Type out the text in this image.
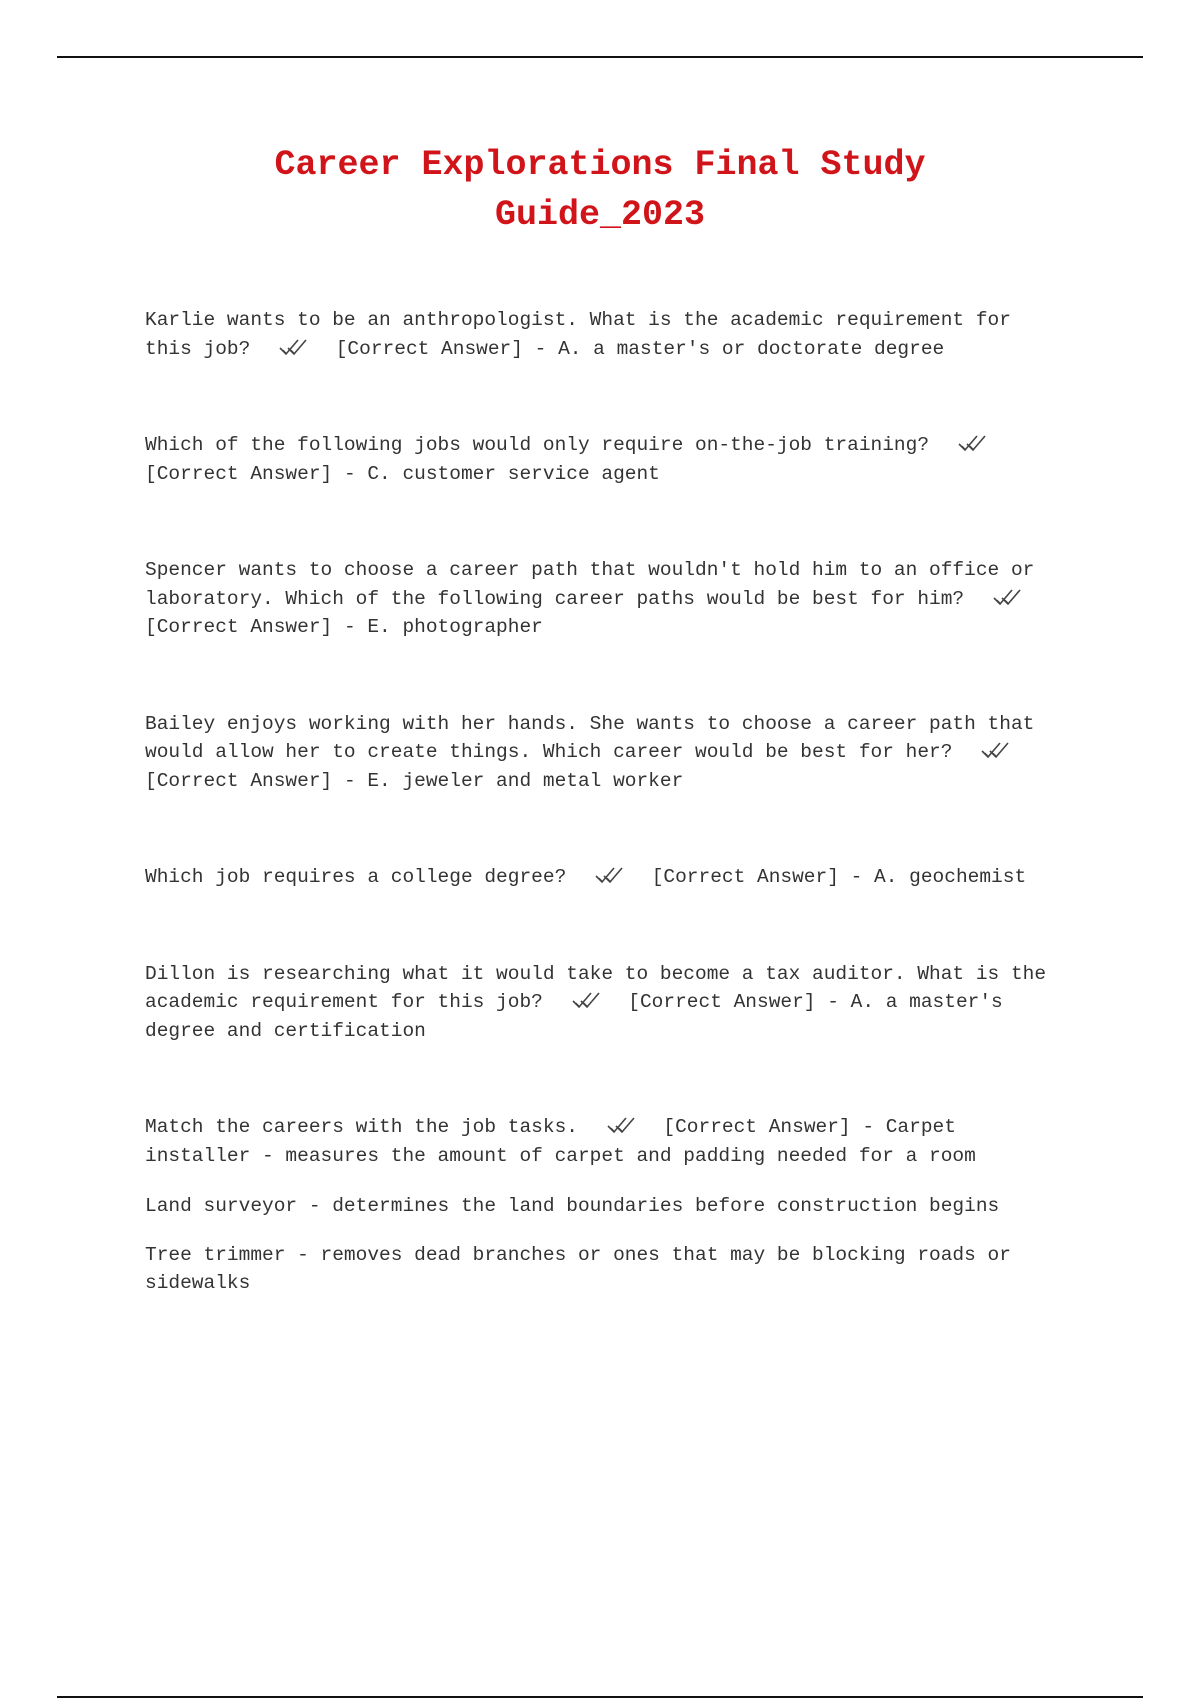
Career Explorations Final Study Guide_2023

Karlie wants to be an anthropologist. What is the academic requirement for this job?	[Correct Answer] - A. a master's or doctorate degree

Which of the following jobs would only require on-the-job training?
[Correct Answer] - C. customer service agent

Spencer wants to choose a career path that wouldn't hold him to an office or laboratory. Which of the following career paths would be best for him?
[Correct Answer] - E. photographer

Bailey enjoys working with her hands. She wants to choose a career path that would allow her to create things. Which career would be best for her?
[Correct Answer] - E. jeweler and metal worker

Which job requires a college degree?	[Correct Answer] - A. geochemist

Dillon is researching what it would take to become a tax auditor. What is the academic requirement for this job?	[Correct Answer] - A. a master's degree and certification

Match the careers with the job tasks.	[Correct Answer] - Carpet installer - measures the amount of carpet and padding needed for a room

Land surveyor - determines the land boundaries before construction begins

Tree trimmer - removes dead branches or ones that may be blocking roads or sidewalks
